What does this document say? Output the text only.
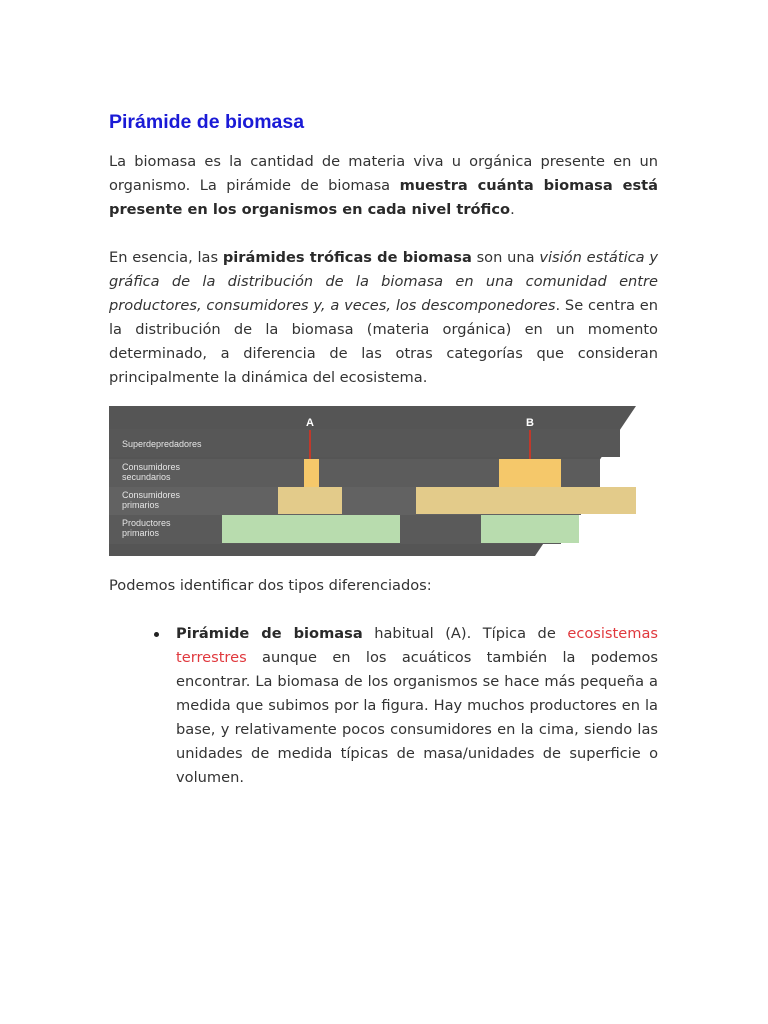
Pirámide de biomasa

La biomasa es la cantidad de materia viva u orgánica presente en un organismo. La pirámide de biomasa muestra cuánta biomasa está presente en los organismos en cada nivel trófico.

En esencia, las pirámides tróficas de biomasa son una visión estática y gráfica de la distribución de la biomasa en una comunidad entre productores, consumidores y, a veces, los descomponedores. Se centra en la distribución de la biomasa (materia orgánica) en un momento determinado, a diferencia de las otras categorías que consideran principalmente la dinámica del ecosistema.

Superdepredadores
Consumidores secundarios
Consumidores primarios
Productores primarios
A	B

Podemos identificar dos tipos diferenciados:

Pirámide de biomasa habitual (A). Típica de ecosistemas terrestres aunque en los acuáticos también la podemos encontrar. La biomasa de los organismos se hace más pequeña a medida que subimos por la figura. Hay muchos productores en la base, y relativamente pocos consumidores en la cima, siendo las unidades de medida típicas de masa/unidades de superficie o volumen.
